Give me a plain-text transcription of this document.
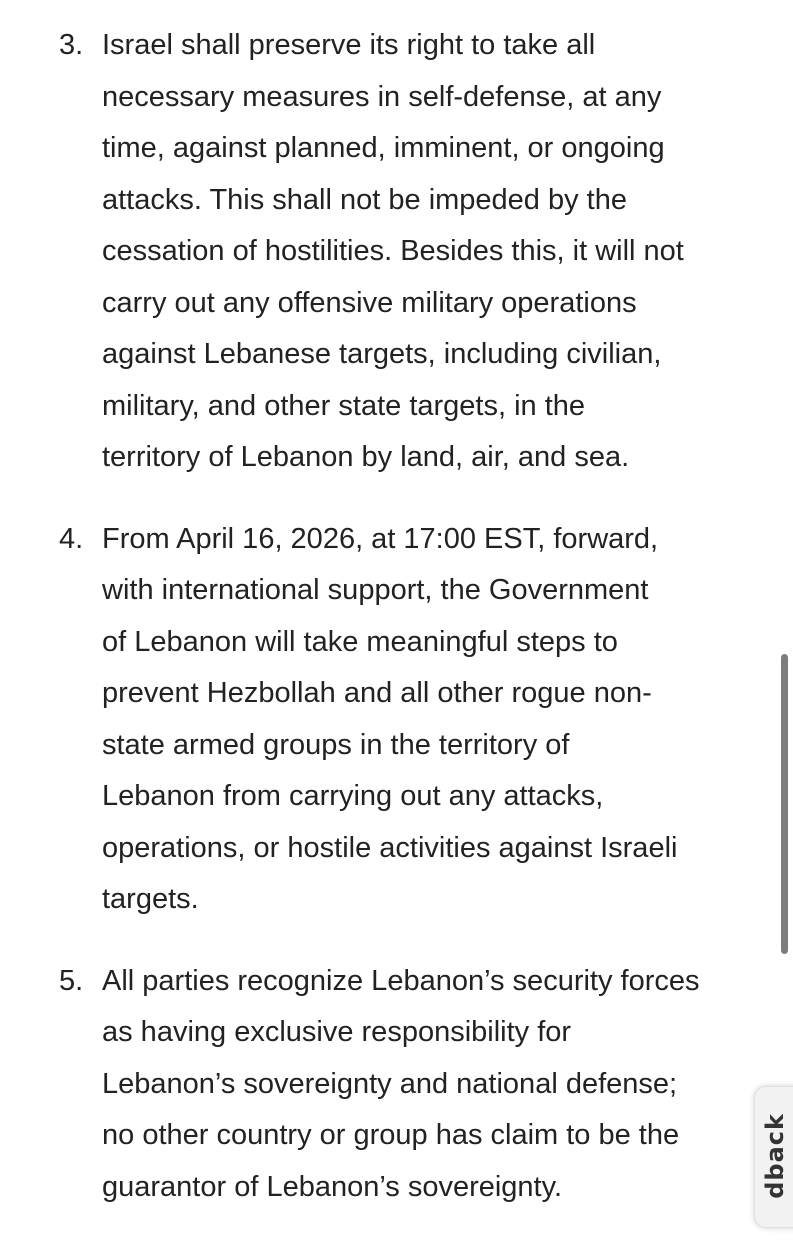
3. Israel shall preserve its right to take all
necessary measures in self-defense, at any
time, against planned, imminent, or ongoing
attacks. This shall not be impeded by the
cessation of hostilities. Besides this, it will not
carry out any offensive military operations
against Lebanese targets, including civilian,
military, and other state targets, in the
territory of Lebanon by land, air, and sea.
4. From April 16, 2026, at 17:00 EST, forward,
with international support, the Government
of Lebanon will take meaningful steps to
prevent Hezbollah and all other rogue non-
state armed groups in the territory of
Lebanon from carrying out any attacks,
operations, or hostile activities against Israeli
targets.
5. All parties recognize Lebanon’s security forces
as having exclusive responsibility for
Lebanon’s sovereignty and national defense;
no other country or group has claim to be the
guarantor of Lebanon’s sovereignty.	dback
